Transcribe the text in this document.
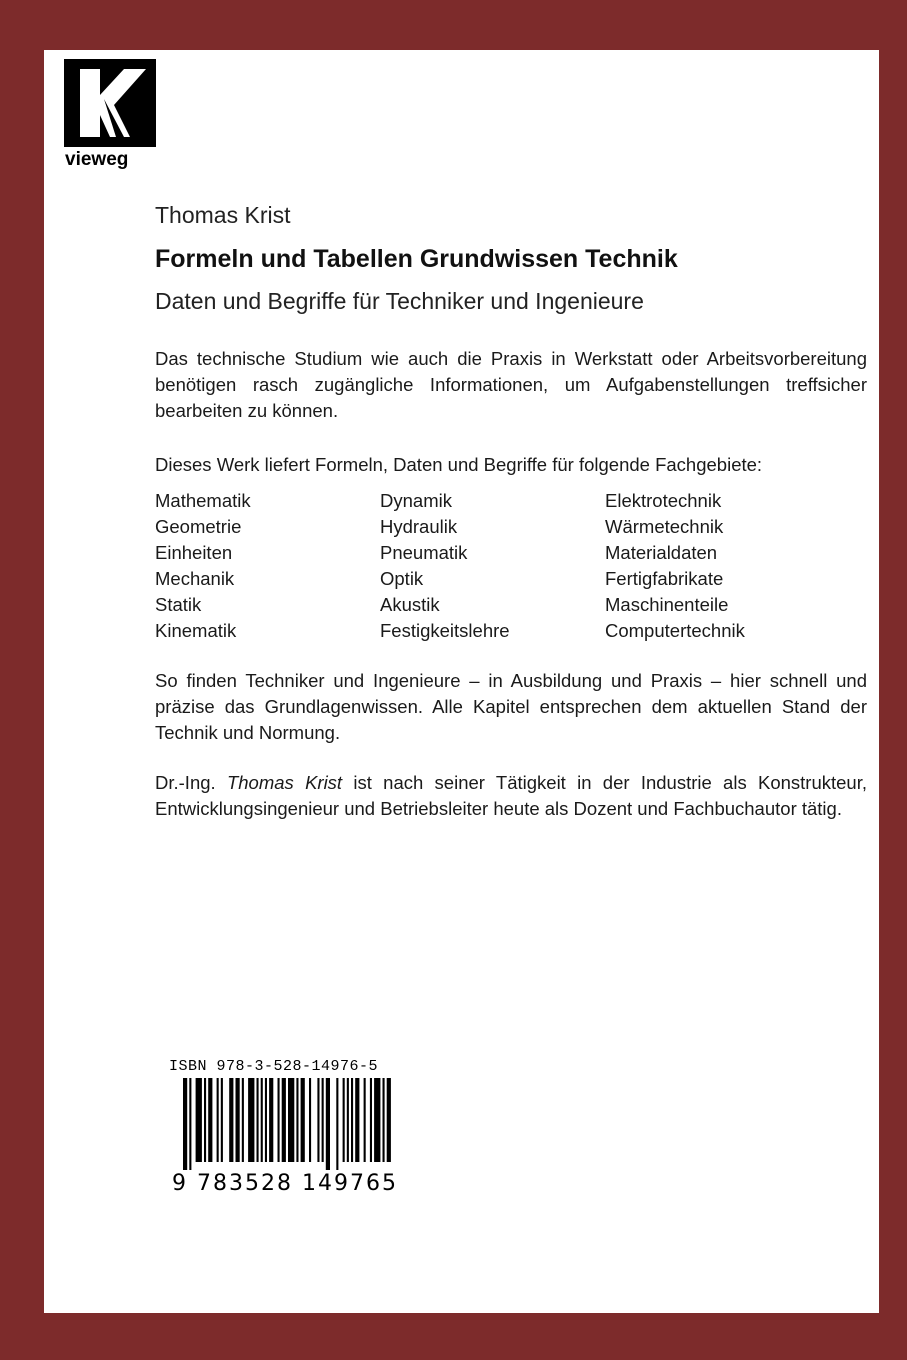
vieweg

Thomas Krist

Formeln und Tabellen Grundwissen Technik

Daten und Begriffe für Techniker und Ingenieure

Das technische Studium wie auch die Praxis in Werkstatt oder Arbeitsvorbereitung benötigen rasch zugängliche Informationen, um Aufgabenstellungen treffsicher bearbeiten zu können.

Dieses Werk liefert Formeln, Daten und Begriffe für folgende Fachgebiete:

Mathematik	Dynamik	Elektrotechnik
Geometrie	Hydraulik	Wärmetechnik
Einheiten	Pneumatik	Materialdaten
Mechanik	Optik	Fertigfabrikate
Statik	Akustik	Maschinenteile
Kinematik	Festigkeitslehre	Computertechnik

So finden Techniker und Ingenieure – in Ausbildung und Praxis – hier schnell und präzise das Grundlagenwissen. Alle Kapitel entsprechen dem aktuellen Stand der Technik und Normung.

Dr.-Ing. Thomas Krist ist nach seiner Tätigkeit in der Industrie als Konstrukteur, Entwicklungsingenieur und Betriebsleiter heute als Dozent und Fachbuchautor tätig.

ISBN 978-3-528-14976-5
9 783528 149765
